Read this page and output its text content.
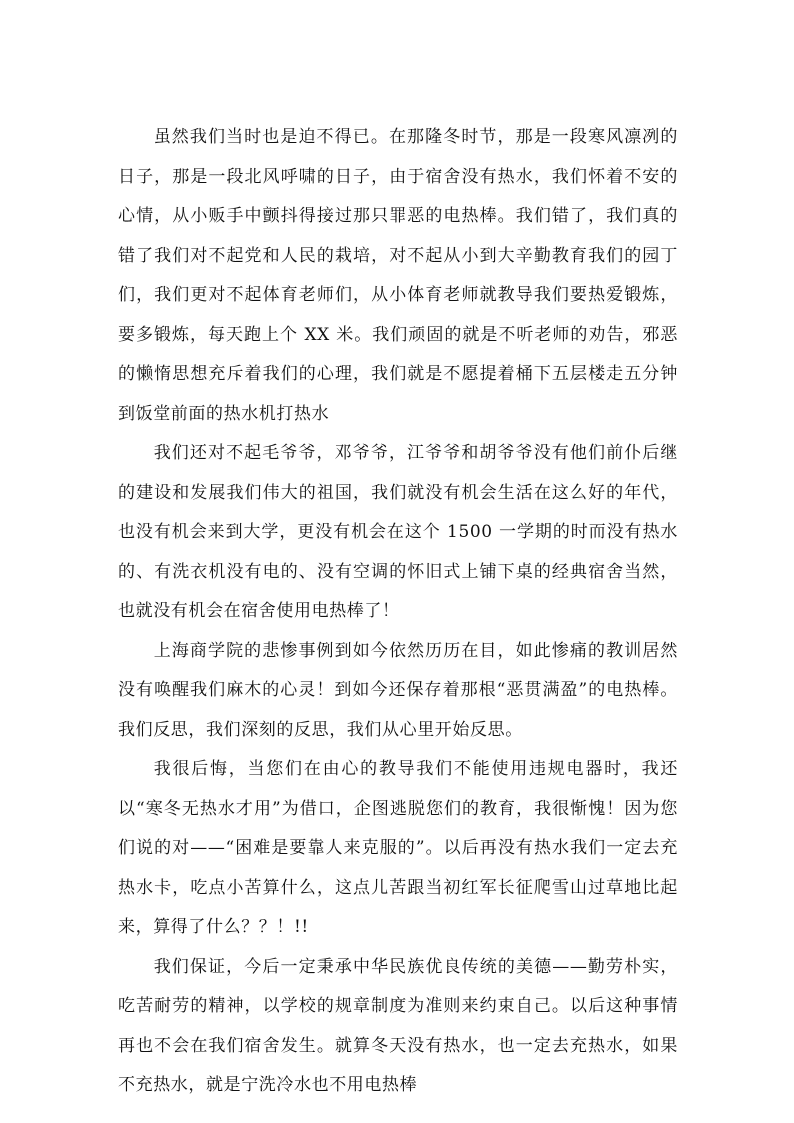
虽然我们当时也是迫不得已。在那隆冬时节，那是一段寒风凛冽的日子，那是一段北风呼啸的日子，由于宿舍没有热水，我们怀着不安的心情，从小贩手中颤抖得接过那只罪恶的电热棒。我们错了，我们真的错了我们对不起党和人民的栽培，对不起从小到大辛勤教育我们的园丁们，我们更对不起体育老师们，从小体育老师就教导我们要热爱锻炼，要多锻炼，每天跑上个 XX 米。我们顽固的就是不听老师的劝告，邪恶的懒惰思想充斥着我们的心理，我们就是不愿提着桶下五层楼走五分钟到饭堂前面的热水机打热水

我们还对不起毛爷爷，邓爷爷，江爷爷和胡爷爷没有他们前仆后继的建设和发展我们伟大的祖国，我们就没有机会生活在这么好的年代，也没有机会来到大学，更没有机会在这个 1500 一学期的时而没有热水的、有洗衣机没有电的、没有空调的怀旧式上铺下桌的经典宿舍当然，也就没有机会在宿舍使用电热棒了！

上海商学院的悲惨事例到如今依然历历在目，如此惨痛的教训居然没有唤醒我们麻木的心灵！到如今还保存着那根“恶贯满盈”的电热棒。我们反思，我们深刻的反思，我们从心里开始反思。

我很后悔，当您们在由心的教导我们不能使用违规电器时，我还以“寒冬无热水才用”为借口，企图逃脱您们的教育，我很惭愧！因为您们说的对——“困难是要靠人来克服的”。以后再没有热水我们一定去充热水卡，吃点小苦算什么，这点儿苦跟当初红军长征爬雪山过草地比起来，算得了什么？？！!!

我们保证，今后一定秉承中华民族优良传统的美德——勤劳朴实，吃苦耐劳的精神，以学校的规章制度为准则来约束自己。以后这种事情再也不会在我们宿舍发生。就算冬天没有热水，也一定去充热水，如果不充热水，就是宁洗冷水也不用电热棒
